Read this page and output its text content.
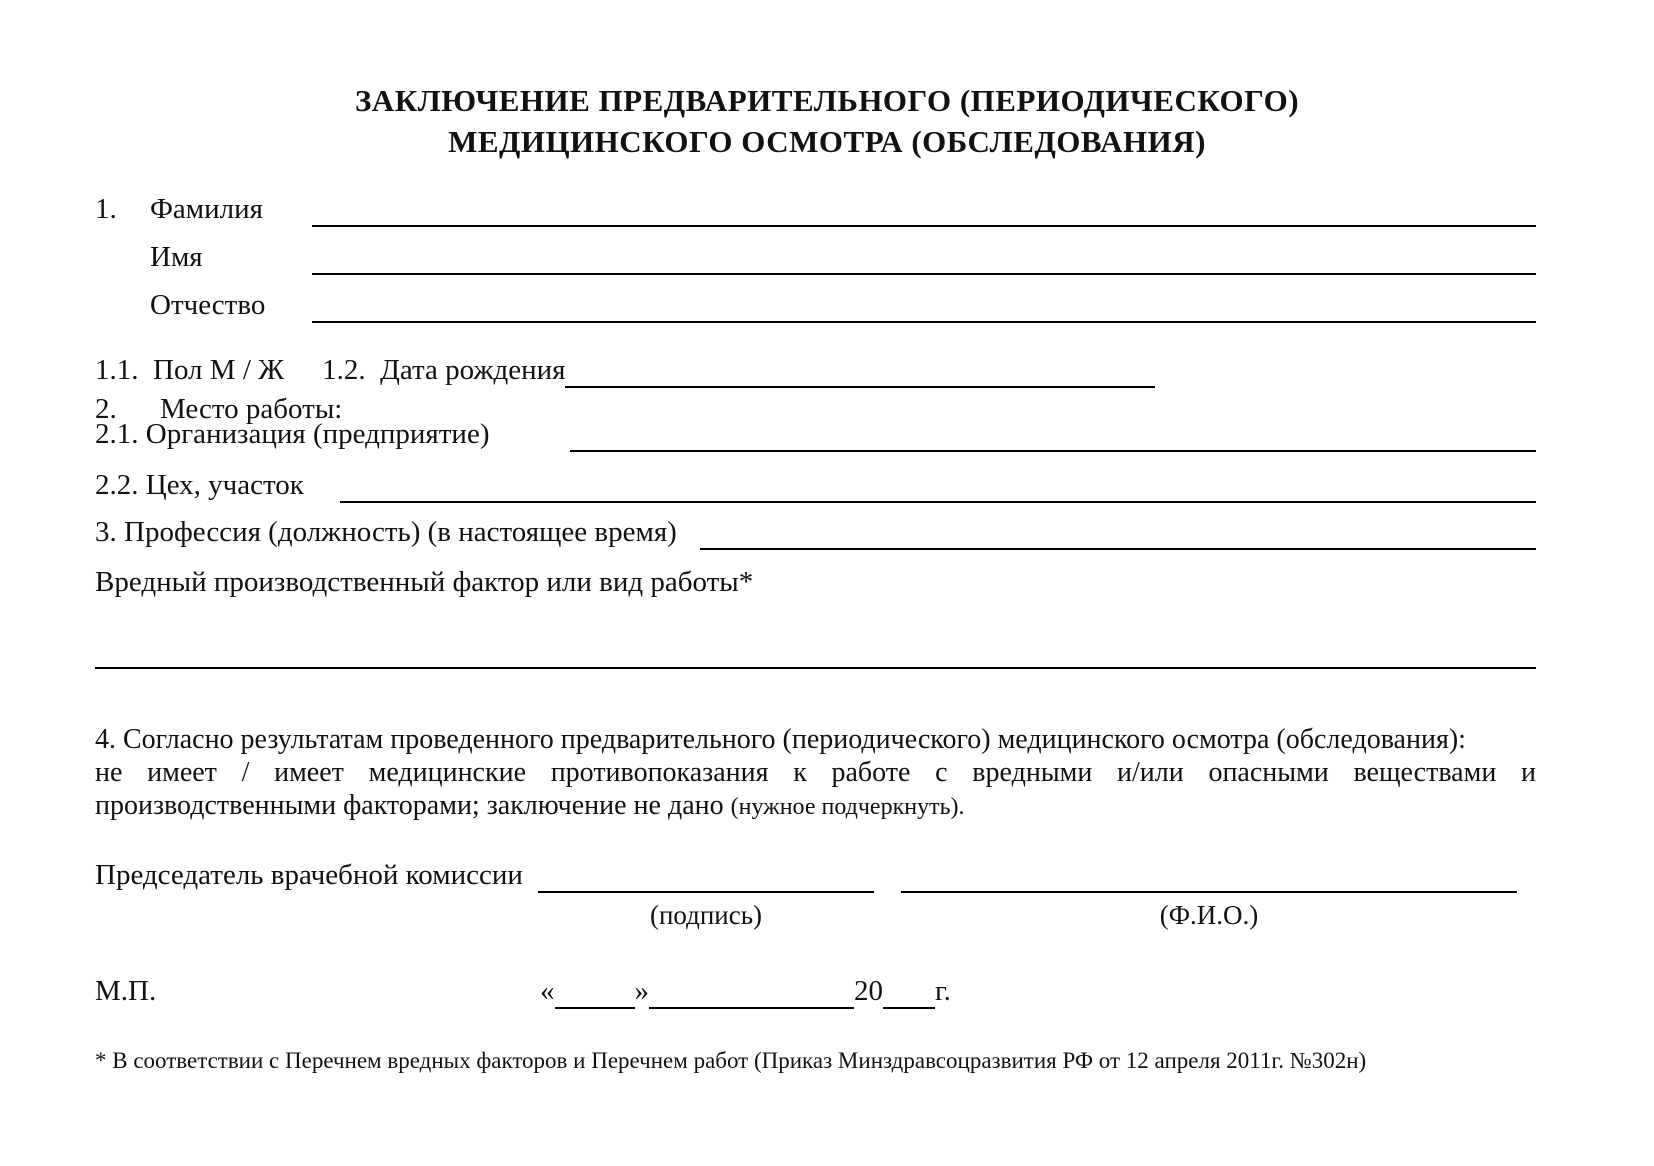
ЗАКЛЮЧЕНИЕ ПРЕДВАРИТЕЛЬНОГО (ПЕРИОДИЧЕСКОГО)
МЕДИЦИНСКОГО ОСМОТРА (ОБСЛЕДОВАНИЯ)
1.	Фамилия
Имя
Отчество
1.1.  Пол М / Ж 1.2.  Дата рождения
2.	Место работы:
2.1. Организация (предприятие)
2.2. Цех, участок
3. Профессия (должность) (в настоящее время)
Вредный производственный фактор или вид работы*
4. Согласно результатам проведенного предварительного (периодического) медицинского осмотра (обследования):
не имеет / имеет медицинские противопоказания к работе с вредными и/или опасными веществами и
производственными факторами; заключение не дано (нужное подчеркнуть).
Председатель врачебной комиссии
(подпись)	(Ф.И.О.)
М.П.	«	»	20 г.
* В соответствии с Перечнем вредных факторов и Перечнем работ (Приказ Минздравсоцразвития РФ от 12 апреля 2011г. №302н)
